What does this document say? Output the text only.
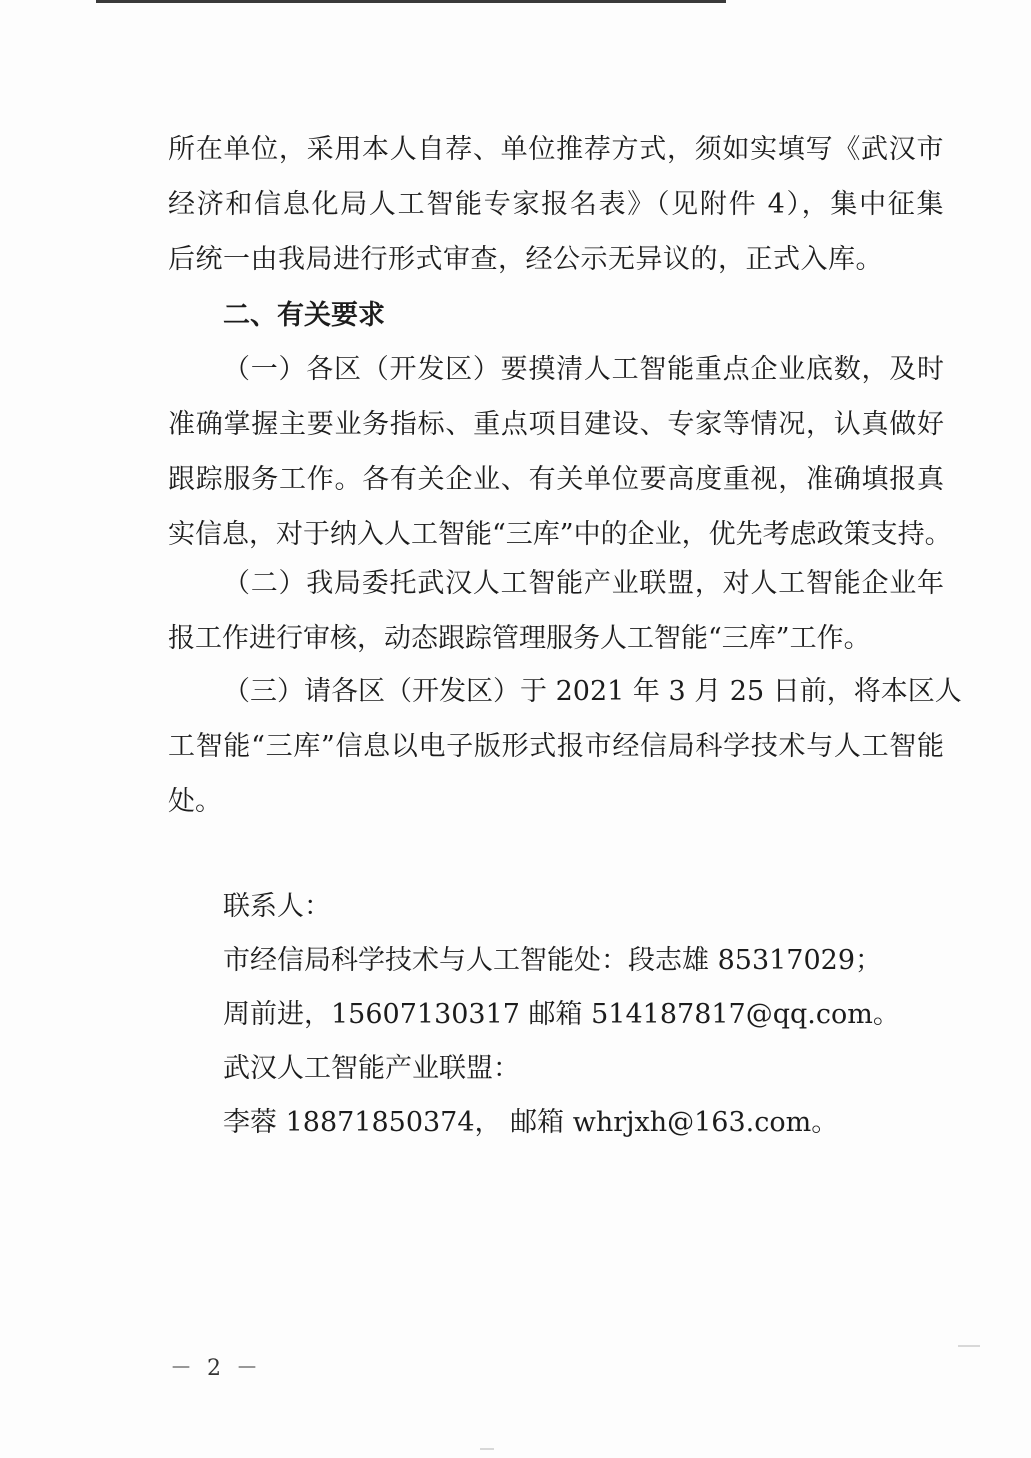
所在单位，采用本人自荐、单位推荐方式，须如实填写《武汉市
经济和信息化局人工智能专家报名表》（见附件 4），集中征集
后统一由我局进行形式审查，经公示无异议的，正式入库。
二、有关要求
（一）各区（开发区）要摸清人工智能重点企业底数，及时
准确掌握主要业务指标、重点项目建设、专家等情况，认真做好
跟踪服务工作。各有关企业、有关单位要高度重视，准确填报真
实信息，对于纳入人工智能“三库”中的企业，优先考虑政策支持。
（二）我局委托武汉人工智能产业联盟，对人工智能企业年
报工作进行审核，动态跟踪管理服务人工智能“三库”工作。
（三）请各区（开发区）于 2021 年 3 月 25 日前，将本区人
工智能“三库”信息以电子版形式报市经信局科学技术与人工智能
处。
联系人：
市经信局科学技术与人工智能处：段志雄 85317029；
周前进，15607130317 邮箱 514187817@qq.com。
武汉人工智能产业联盟：
李蓉 18871850374， 邮箱 whrjxh@163.com。
－ 2 －
